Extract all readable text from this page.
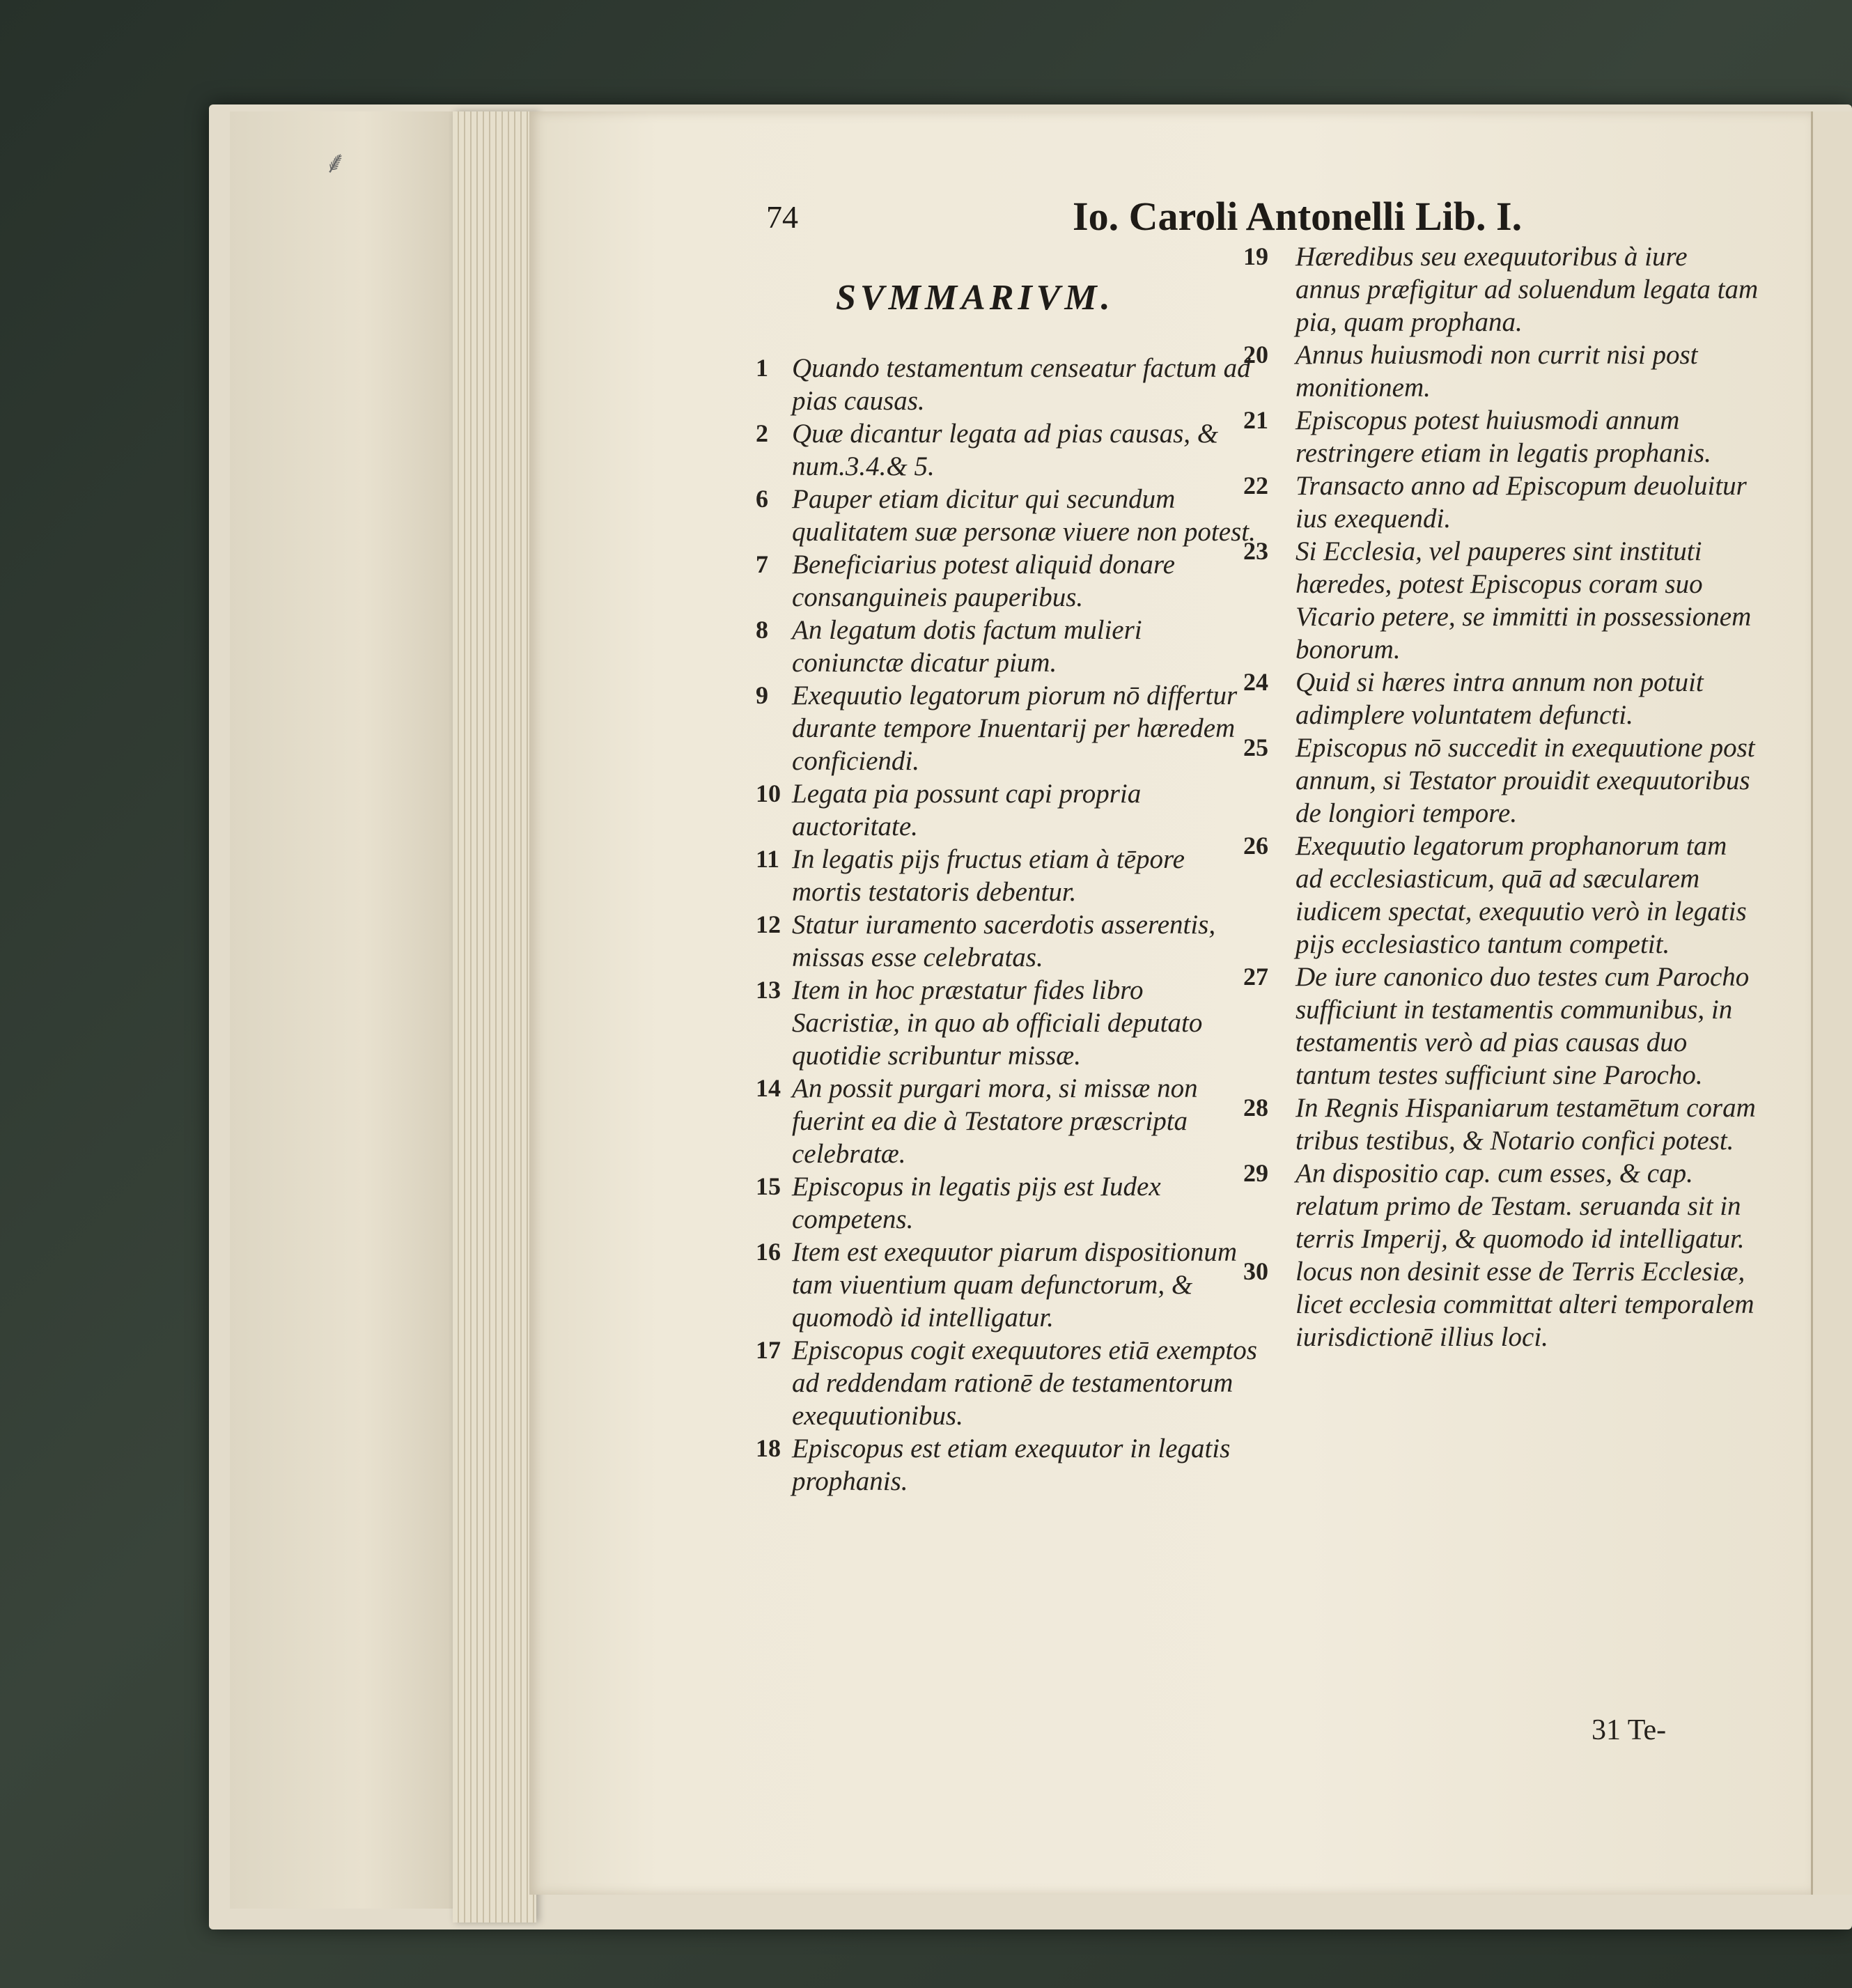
⸙
74	Io. Caroli Antonelli Lib. I.
SVMMARIVM.
1 Quando testamentum censeatur factum ad pias causas.
2 Quæ dicantur legata ad pias causas, & num.3.4.& 5.
6 Pauper etiam dicitur qui secundum qualitatem suæ personæ viuere non potest.
7 Beneficiarius potest aliquid donare consanguineis pauperibus.
8 An legatum dotis factum mulieri coniunctæ dicatur pium.
9 Exequutio legatorum piorum nō differtur durante tempore Inuentarij per hæredem conficiendi.
10 Legata pia possunt capi propria auctoritate.
11 In legatis pijs fructus etiam à tēpore mortis testatoris debentur.
12 Statur iuramento sacerdotis asserentis, missas esse celebratas.
13 Item in hoc præstatur fides libro Sacristiæ, in quo ab officiali deputato quotidie scribuntur missæ.
14 An possit purgari mora, si missæ non fuerint ea die à Testatore præscripta celebratæ.
15 Episcopus in legatis pijs est Iudex competens.
16 Item est exequutor piarum dispositionum tam viuentium quam defunctorum, & quomodò id intelligatur.
17 Episcopus cogit exequutores etiā exemptos ad reddendam rationē de testamentorum exequutionibus.
18 Episcopus est etiam exequutor in legatis prophanis.
19 Hæredibus seu exequutoribus à iure annus præfigitur ad soluendum legata tam pia, quam prophana.
20 Annus huiusmodi non currit nisi post monitionem.
21 Episcopus potest huiusmodi annum restringere etiam in legatis prophanis.
22 Transacto anno ad Episcopum deuoluitur ius exequendi.
23 Si Ecclesia, vel pauperes sint instituti hæredes, potest Episcopus coram suo Vicario petere, se immitti in possessionem bonorum.
24 Quid si hæres intra annum non potuit adimplere voluntatem defuncti.
25 Episcopus nō succedit in exequutione post annum, si Testator prouidit exequutoribus de longiori tempore.
26 Exequutio legatorum prophanorum tam ad ecclesiasticum, quā ad sæcularem iudicem spectat, exequutio verò in legatis pijs ecclesiastico tantum competit.
27 De iure canonico duo testes cum Parocho sufficiunt in testamentis communibus, in testamentis verò ad pias causas duo tantum testes sufficiunt sine Parocho.
28 In Regnis Hispaniarum testamētum coram tribus testibus, & Notario confici potest.
29 An dispositio cap. cum esses, & cap. relatum primo de Testam. seruanda sit in terris Imperij, & quomodo id intelligatur.
30 locus non desinit esse de Terris Ecclesiæ, licet ecclesia committat alteri temporalem iurisdictionē illius loci.
31 Te-
